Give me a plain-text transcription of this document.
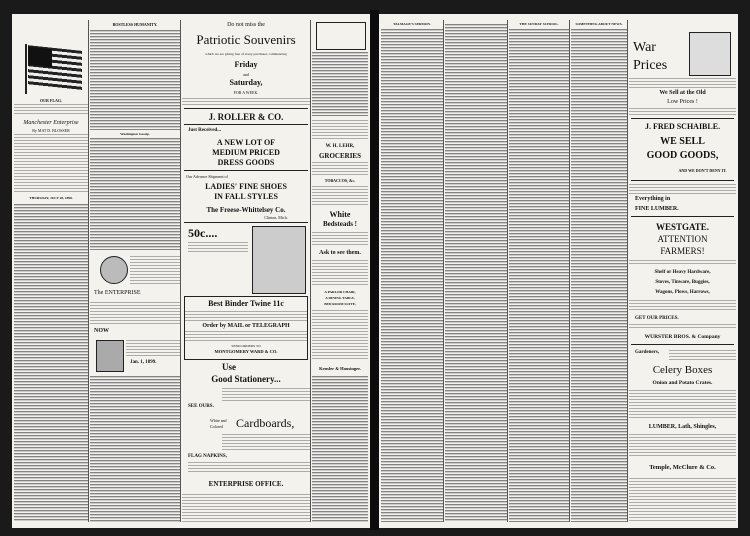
OUR FLAG.
Manchester Enterprise
By MAT D. BLOSSER
THURSDAY, JULY 28, 1898.
BOSTLESS HUMANITY.
Washington Gossip.
The ENTERPRISE
NOW
Jan. 1, 1899.
Do not miss the
Patriotic Souvenirs
which we are giving free of every purchaser, commencing
Friday
and
Saturday,
FOR A WEEK.
J. ROLLER & CO.
Just Received...
A NEW LOT OF
MEDIUM PRICED
DRESS GOODS
Our Advance Shipment of
LADIES' FINE SHOES
IN FALL STYLES
The Freese-Whittelsey Co.
Clinton, Mich.
50c....
Best Binder Twine 11c
Order by MAIL or TELEGRAPH
SEND ORDERS TO
MONTGOMERY WARD & CO.
Use
Good Stationery...
SEE OURS.
White and
Colored Cardboards,
FLAG NAPKINS,
ENTERPRISE OFFICE.
W. H. LEHR,
GROCERIES
TOBACCOS, &c.
White
Bedsteads !
Ask to see them.
A PARLOR CHAIR,
A DINING TABLE,
BED ROOM SUITE,
Kensler & Hausinger.
TALMAGE'S SERMON.	THE SUNDAY SCHOOL.	SOMETHING ABOUT NEWS.
War
Prices
We Sell at the Old
Low Prices !
J. FRED SCHAIBLE.
WE SELL
GOOD GOODS,
AND WE DON'T DENY IT.
Everything in
FINE LUMBER.
WESTGATE.
ATTENTION
FARMERS!
Shelf or Heavy Hardware,
Stoves, Tinware, Buggies,
Wagons, Plows, Harrows,
GET OUR PRICES.
WURSTER BROS. & Company
Gardeners,
Celery Boxes
Onion and Potato Crates.
LUMBER, Lath, Shingles,
Temple, McClure & Co.
